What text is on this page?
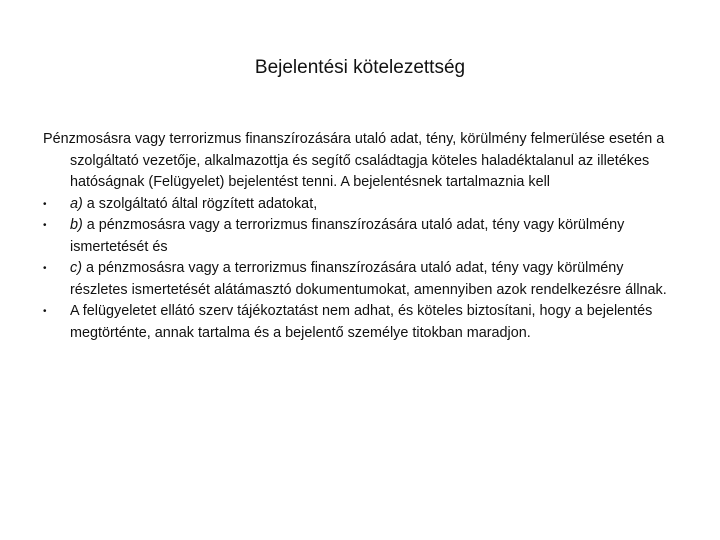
Bejelentési kötelezettség

Pénzmosásra vagy terrorizmus finanszírozására utaló adat, tény, körülmény felmerülése esetén a szolgáltató vezetője, alkalmazottja és segítő családtagja köteles haladéktalanul az illetékes hatóságnak (Felügyelet) bejelentést tenni. A bejelentésnek tartalmaznia kell

•	a) a szolgáltató által rögzített adatokat,
•	b) a pénzmosásra vagy a terrorizmus finanszírozására utaló adat, tény vagy körülmény ismertetését és
•	c) a pénzmosásra vagy a terrorizmus finanszírozására utaló adat, tény vagy körülmény részletes ismertetését alátámasztó dokumentumokat, amennyiben azok rendelkezésre állnak.
•	A felügyeletet ellátó szerv tájékoztatást nem adhat, és köteles biztosítani, hogy a bejelentés megtörténte, annak tartalma és a bejelentő személye titokban maradjon.
